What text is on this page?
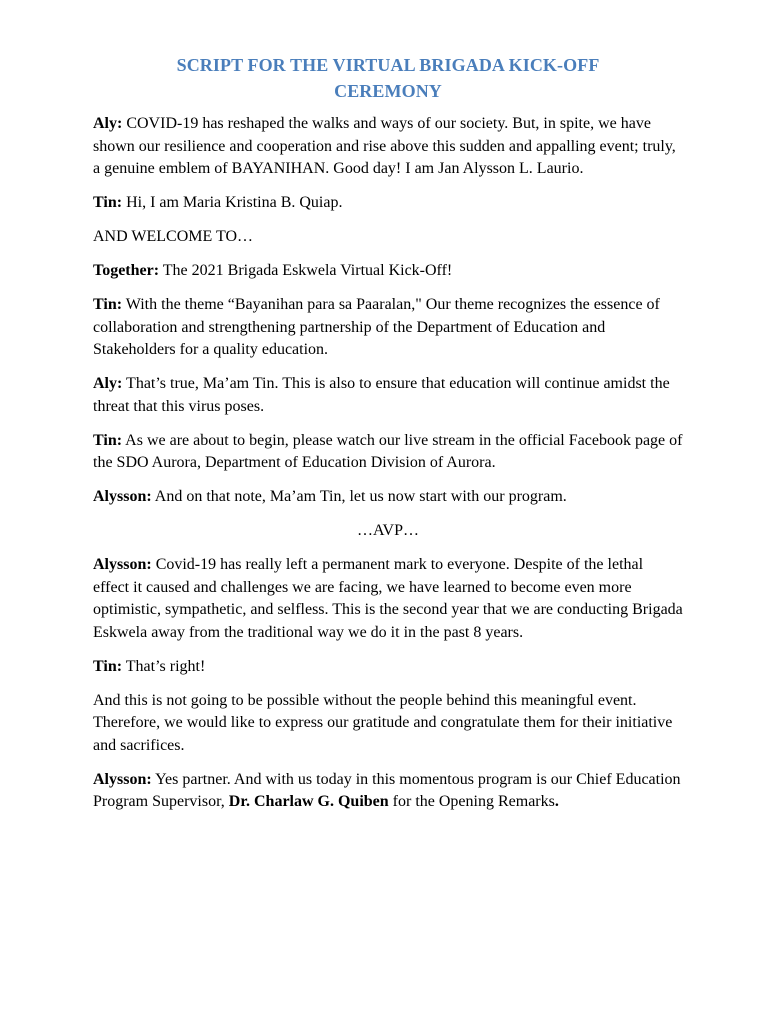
SCRIPT FOR THE VIRTUAL BRIGADA KICK-OFF
CEREMONY

Aly: COVID-19 has reshaped the walks and ways of our society. But, in spite, we have shown our resilience and cooperation and rise above this sudden and appalling event; truly, a genuine emblem of BAYANIHAN. Good day! I am Jan Alysson L. Laurio.

Tin: Hi, I am Maria Kristina B. Quiap.

AND WELCOME TO…

Together: The 2021 Brigada Eskwela Virtual Kick-Off!

Tin: With the theme “Bayanihan para sa Paaralan," Our theme recognizes the essence of collaboration and strengthening partnership of the Department of Education and Stakeholders for a quality education.

Aly: That’s true, Ma’am Tin. This is also to ensure that education will continue amidst the threat that this virus poses.

Tin: As we are about to begin, please watch our live stream in the official Facebook page of the SDO Aurora, Department of Education Division of Aurora.

Alysson: And on that note, Ma’am Tin, let us now start with our program.

…AVP…

Alysson: Covid-19 has really left a permanent mark to everyone. Despite of the lethal effect it caused and challenges we are facing, we have learned to become even more optimistic, sympathetic, and selfless. This is the second year that we are conducting Brigada Eskwela away from the traditional way we do it in the past 8 years.

Tin: That’s right!

And this is not going to be possible without the people behind this meaningful event. Therefore, we would like to express our gratitude and congratulate them for their initiative and sacrifices.

Alysson: Yes partner. And with us today in this momentous program is our Chief Education Program Supervisor, Dr. Charlaw G. Quiben for the Opening Remarks.
